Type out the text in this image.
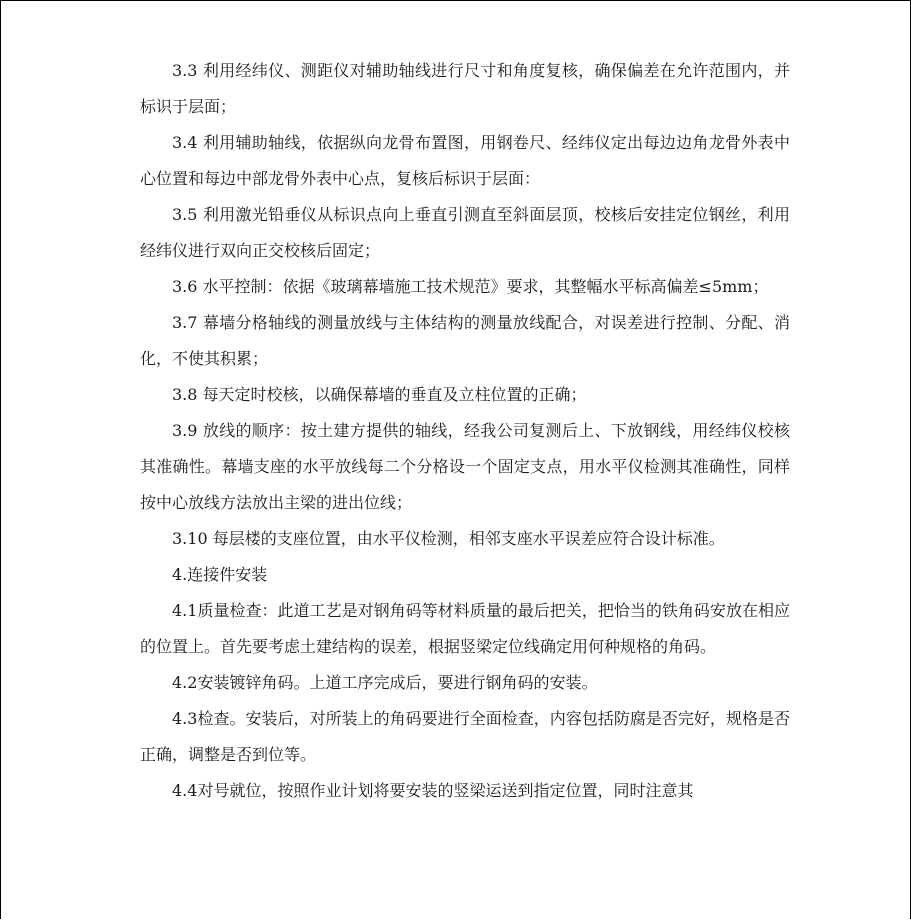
3.3 利用经纬仪、测距仪对辅助轴线进行尺寸和角度复核，确保偏差在允许范围内，并标识于层面；

3.4 利用辅助轴线，依据纵向龙骨布置图，用钢卷尺、经纬仪定出每边边角龙骨外表中心位置和每边中部龙骨外表中心点，复核后标识于层面：

3.5 利用激光铅垂仪从标识点向上垂直引测直至斜面层顶，校核后安挂定位钢丝，利用经纬仪进行双向正交校核后固定；

3.6 水平控制：依据《玻璃幕墙施工技术规范》要求，其整幅水平标高偏差≤5mm；

3.7 幕墙分格轴线的测量放线与主体结构的测量放线配合，对误差进行控制、分配、消化，不使其积累；

3.8 每天定时校核，以确保幕墙的垂直及立柱位置的正确；

3.9 放线的顺序：按土建方提供的轴线，经我公司复测后上、下放钢线，用经纬仪校核其准确性。幕墙支座的水平放线每二个分格设一个固定支点，用水平仪检测其准确性，同样按中心放线方法放出主梁的进出位线；

3.10 每层楼的支座位置，由水平仪检测，相邻支座水平误差应符合设计标准。

4.连接件安装

4.1质量检查：此道工艺是对钢角码等材料质量的最后把关，把恰当的铁角码安放在相应的位置上。首先要考虑土建结构的误差，根据竖梁定位线确定用何种规格的角码。

4.2安装镀锌角码。上道工序完成后，要进行钢角码的安装。

4.3检查。安装后，对所装上的角码要进行全面检查，内容包括防腐是否完好，规格是否正确，调整是否到位等。

4.4对号就位，按照作业计划将要安装的竖梁运送到指定位置，同时注意其
